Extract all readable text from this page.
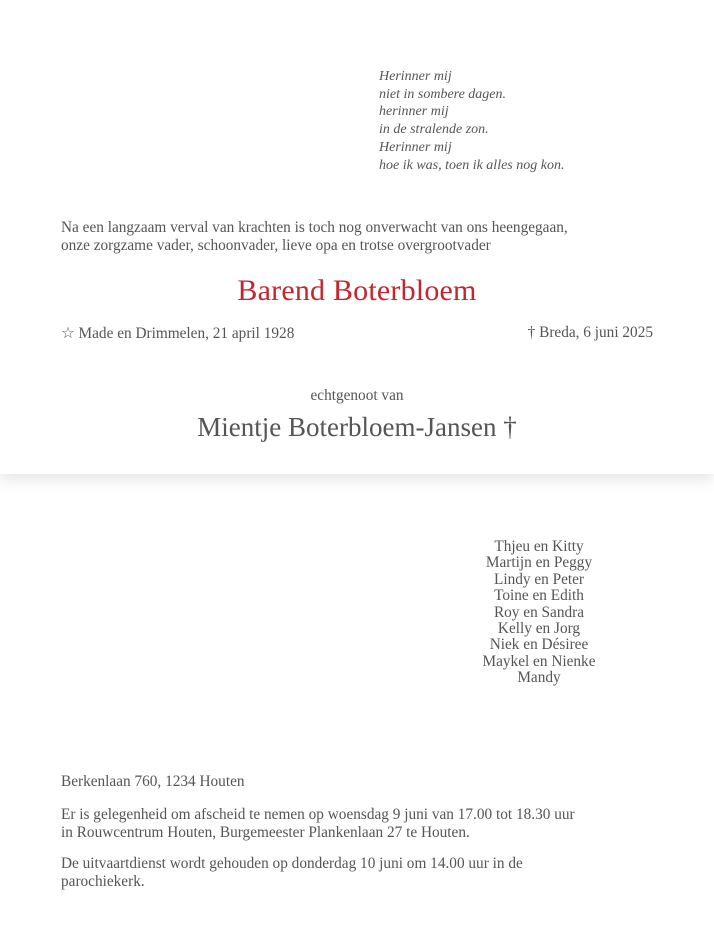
Herinner mij
niet in sombere dagen.
herinner mij
in de stralende zon.
Herinner mij
hoe ik was, toen ik alles nog kon.
Na een langzaam verval van krachten is toch nog onverwacht van ons heengegaan,
onze zorgzame vader, schoonvader, lieve opa en trotse overgrootvader
Barend Boterbloem
☆ Made en Drimmelen, 21 april 1928	† Breda, 6 juni 2025
echtgenoot van
Mientje Boterbloem-Jansen †
Thjeu en Kitty
Martijn en Peggy
Lindy en Peter
Toine en Edith
Roy en Sandra
Kelly en Jorg
Niek en Désiree
Maykel en Nienke
Mandy
Berkenlaan 760, 1234 Houten
Er is gelegenheid om afscheid te nemen op woensdag 9 juni van 17.00 tot 18.30 uur
in Rouwcentrum Houten, Burgemeester Plankenlaan 27 te Houten.
De uitvaartdienst wordt gehouden op donderdag 10 juni om 14.00 uur in de
parochiekerk.
